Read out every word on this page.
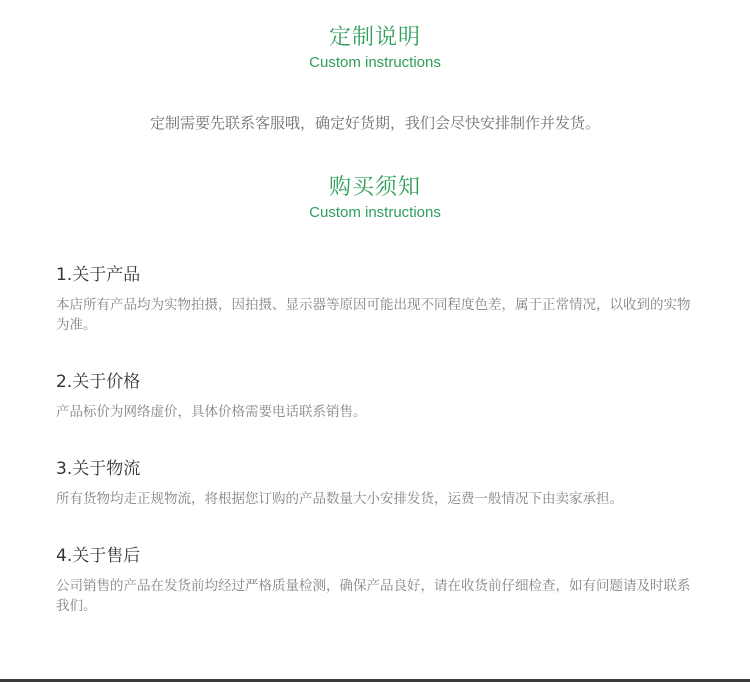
定制说明
Custom instructions
定制需要先联系客服哦，确定好货期，我们会尽快安排制作并发货。
购买须知
Custom instructions
1.关于产品
本店所有产品均为实物拍摄，因拍摄、显示器等原因可能出现不同程度色差，属于正常情况，以收到的实物为准。
2.关于价格
产品标价为网络虚价，具体价格需要电话联系销售。
3.关于物流
所有货物均走正规物流，将根据您订购的产品数量大小安排发货，运费一般情况下由卖家承担。
4.关于售后
公司销售的产品在发货前均经过严格质量检测，确保产品良好，请在收货前仔细检查，如有问题请及时联系我们。
